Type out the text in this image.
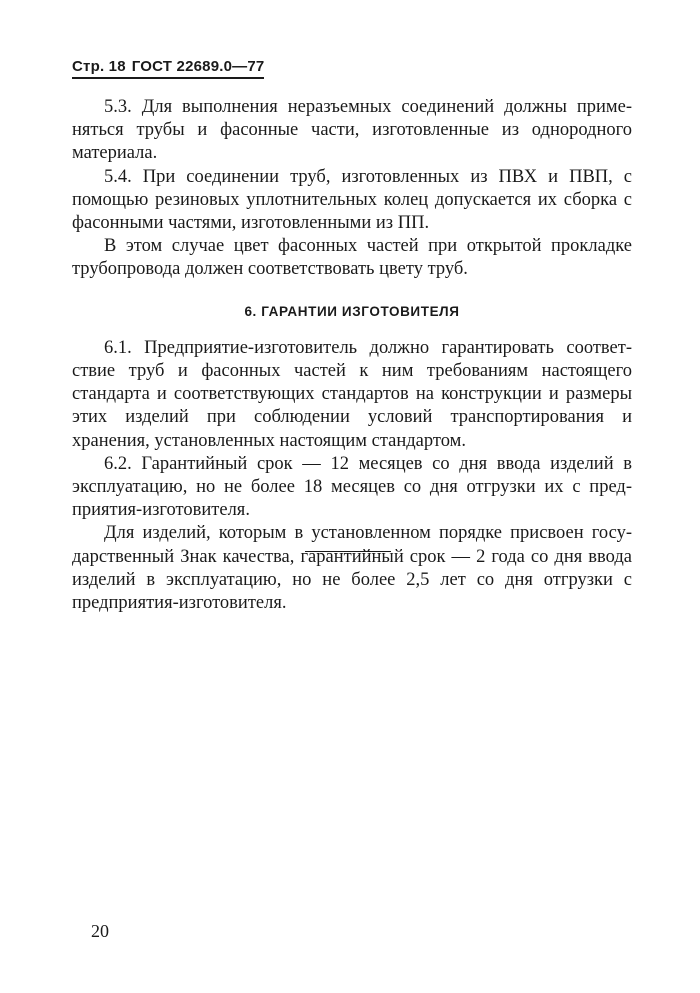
Стр. 18 ГОСТ 22689.0—77

5.3. Для выполнения неразъемных соединений должны применяться трубы и фасонные части, изготовленные из однородного материала.

5.4. При соединении труб, изготовленных из ПВХ и ПВП, с помощью резиновых уплотнительных колец допускается их сборка с фасонными частями, изготовленными из ПП.

В этом случае цвет фасонных частей при открытой прокладке трубопровода должен соответствовать цвету труб.

6. ГАРАНТИИ ИЗГОТОВИТЕЛЯ

6.1. Предприятие-изготовитель должно гарантировать соответствие труб и фасонных частей к ним требованиям настоящего стандарта и соответствующих стандартов на конструкции и размеры этих изделий при соблюдении условий транспортирования и хранения, установленных настоящим стандартом.

6.2. Гарантийный срок — 12 месяцев со дня ввода изделий в эксплуатацию, но не более 18 месяцев со дня отгрузки их с предприятия-изготовителя.

Для изделий, которым в установленном порядке присвоен государственный Знак качества, гарантийный срок — 2 года со дня ввода изделий в эксплуатацию, но не более 2,5 лет со дня отгрузки с предприятия-изготовителя.

20
